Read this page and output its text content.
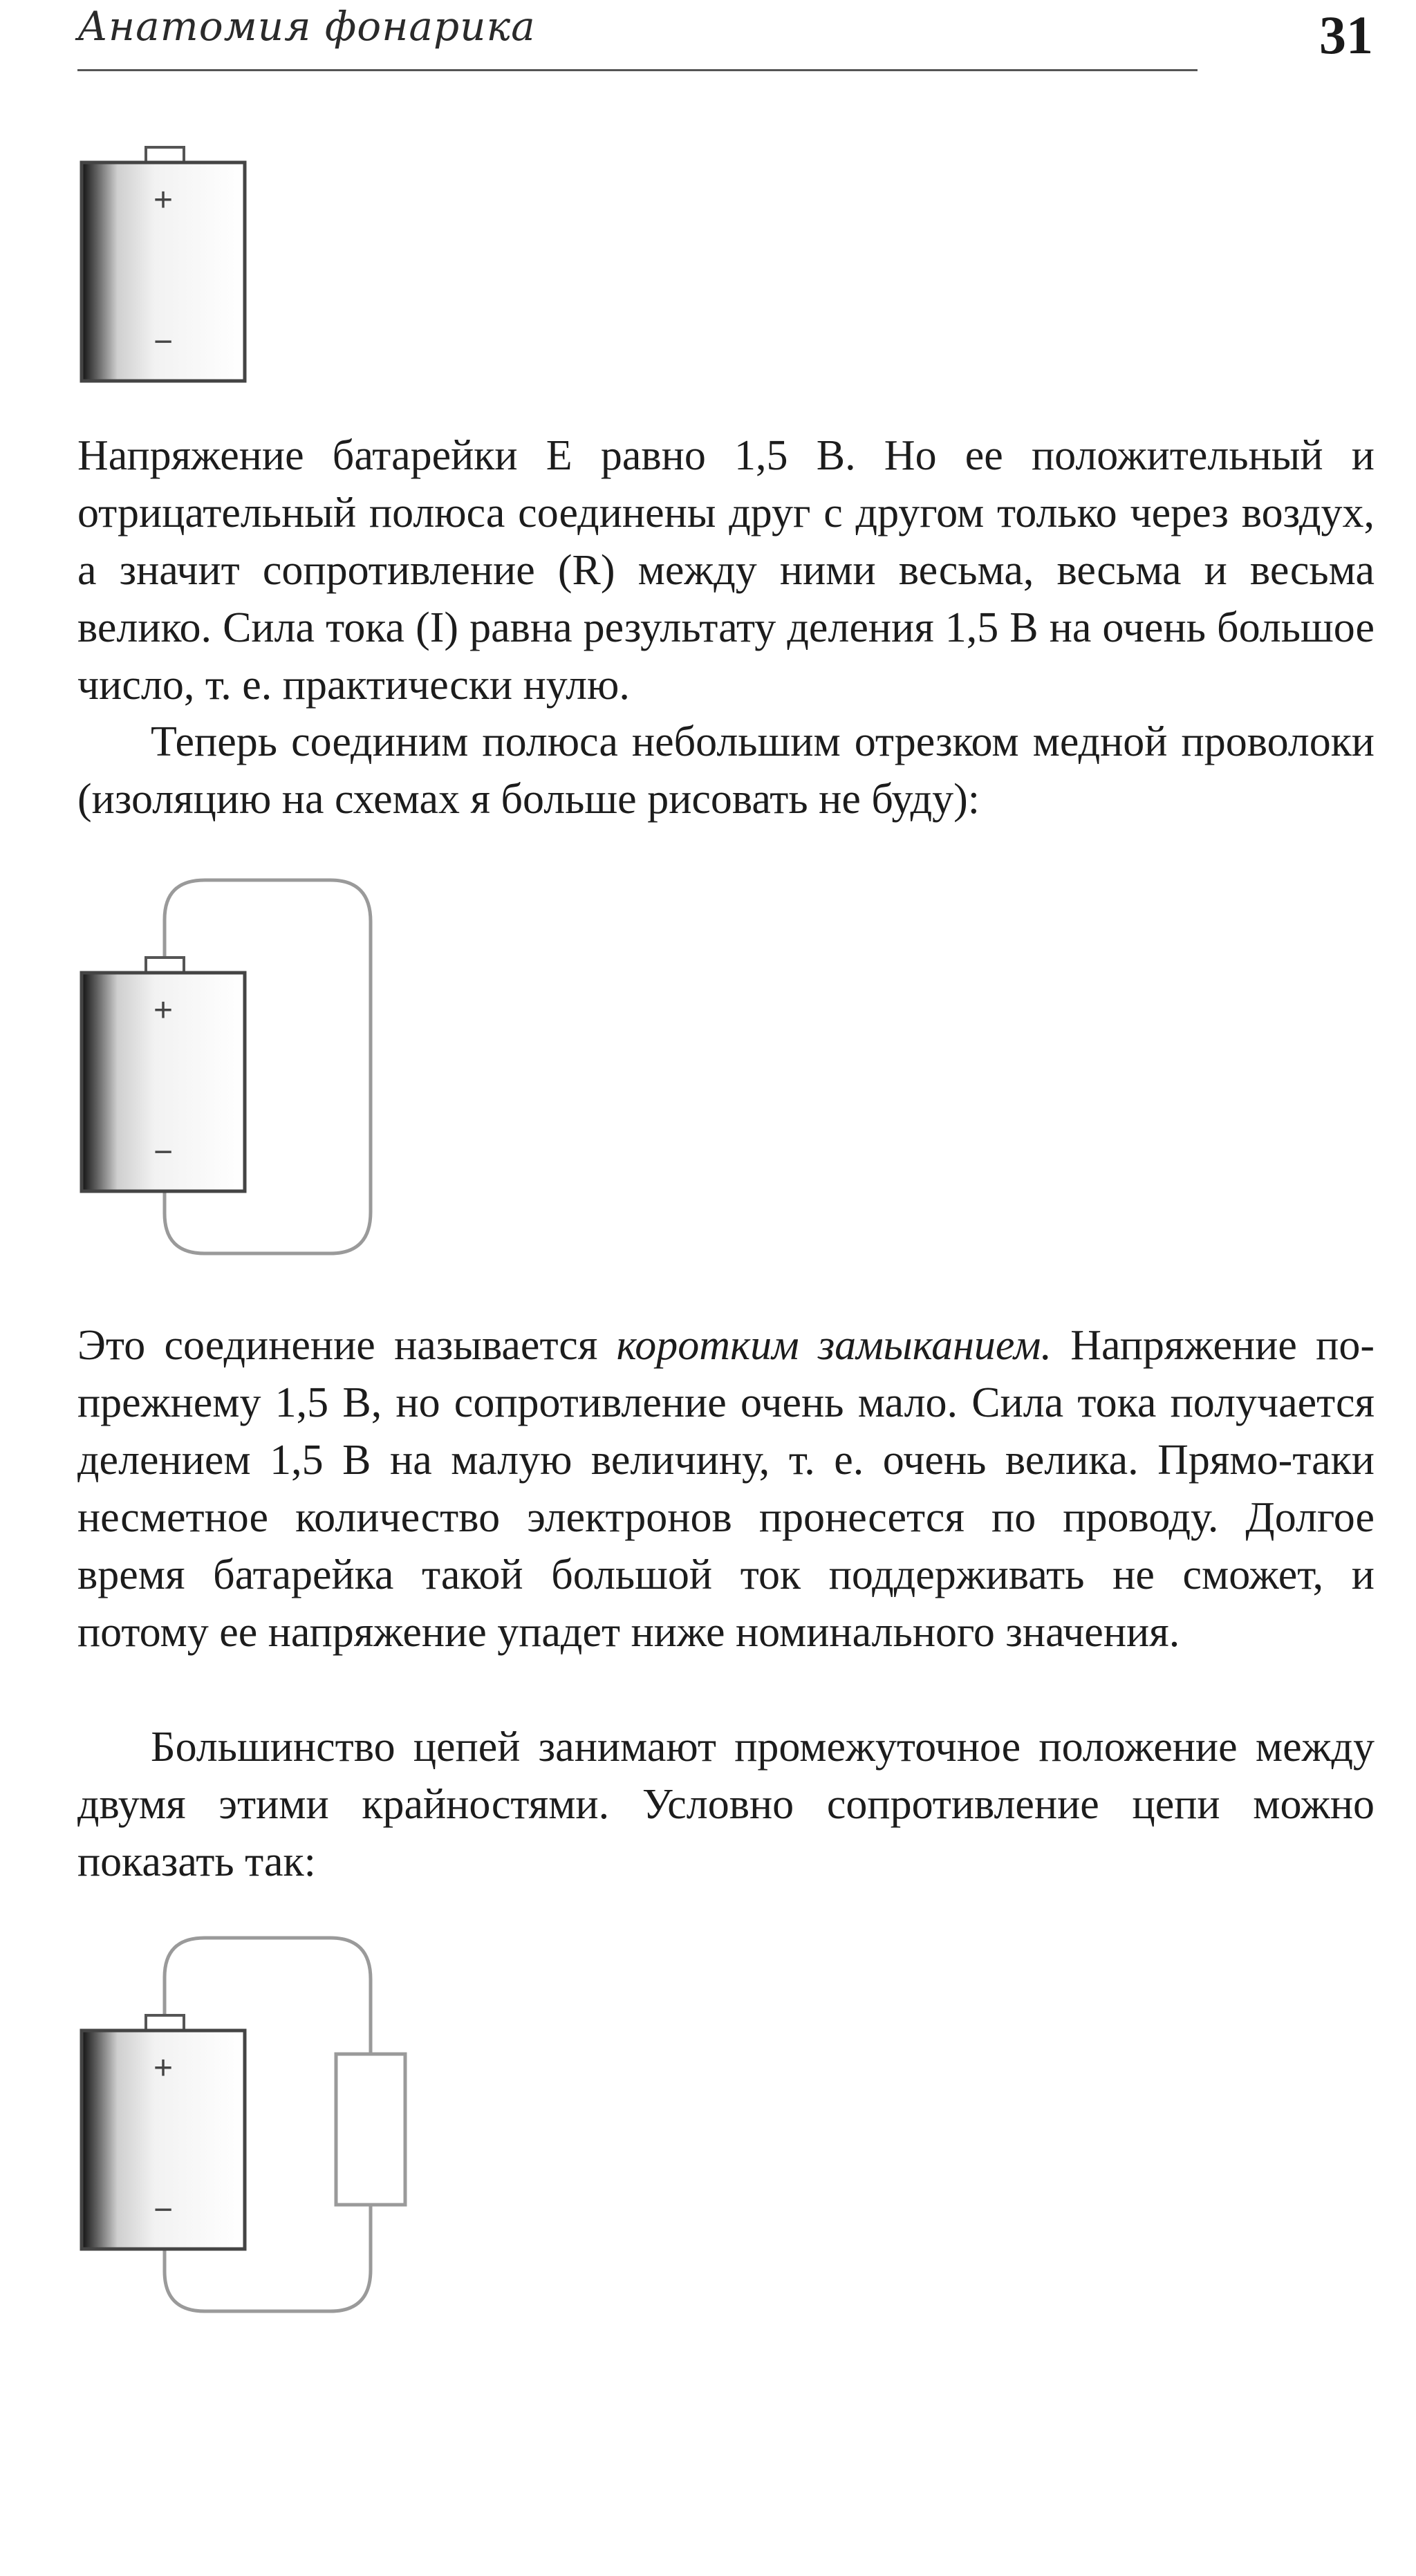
Анатомия фонарика	31
+
−

Напряжение батарейки E равно 1,5 B. Но ее положительный и отрицательный полюса соединены друг с другом только через воздух, а значит сопротивление (R) между ними весьма, весьма и весьма велико. Сила тока (I) равна результату деления 1,5 B на очень большое число, т. е. практически нулю.

Теперь соединим полюса небольшим отрезком медной проволоки (изоляцию на схемах я больше рисовать не буду):

+
−

Это соединение называется коротким замыканием. Напряжение по-прежнему 1,5 B, но сопротивление очень мало. Сила тока получается делением 1,5 B на малую величину, т. е. очень велика. Прямо-таки несметное количество электронов пронесется по проводу. Долгое время батарейка такой большой ток поддерживать не сможет, и потому ее напряжение упадет ниже номинального значения.

Большинство цепей занимают промежуточное положение между двумя этими крайностями. Условно сопротивление цепи можно показать так:

+
−
